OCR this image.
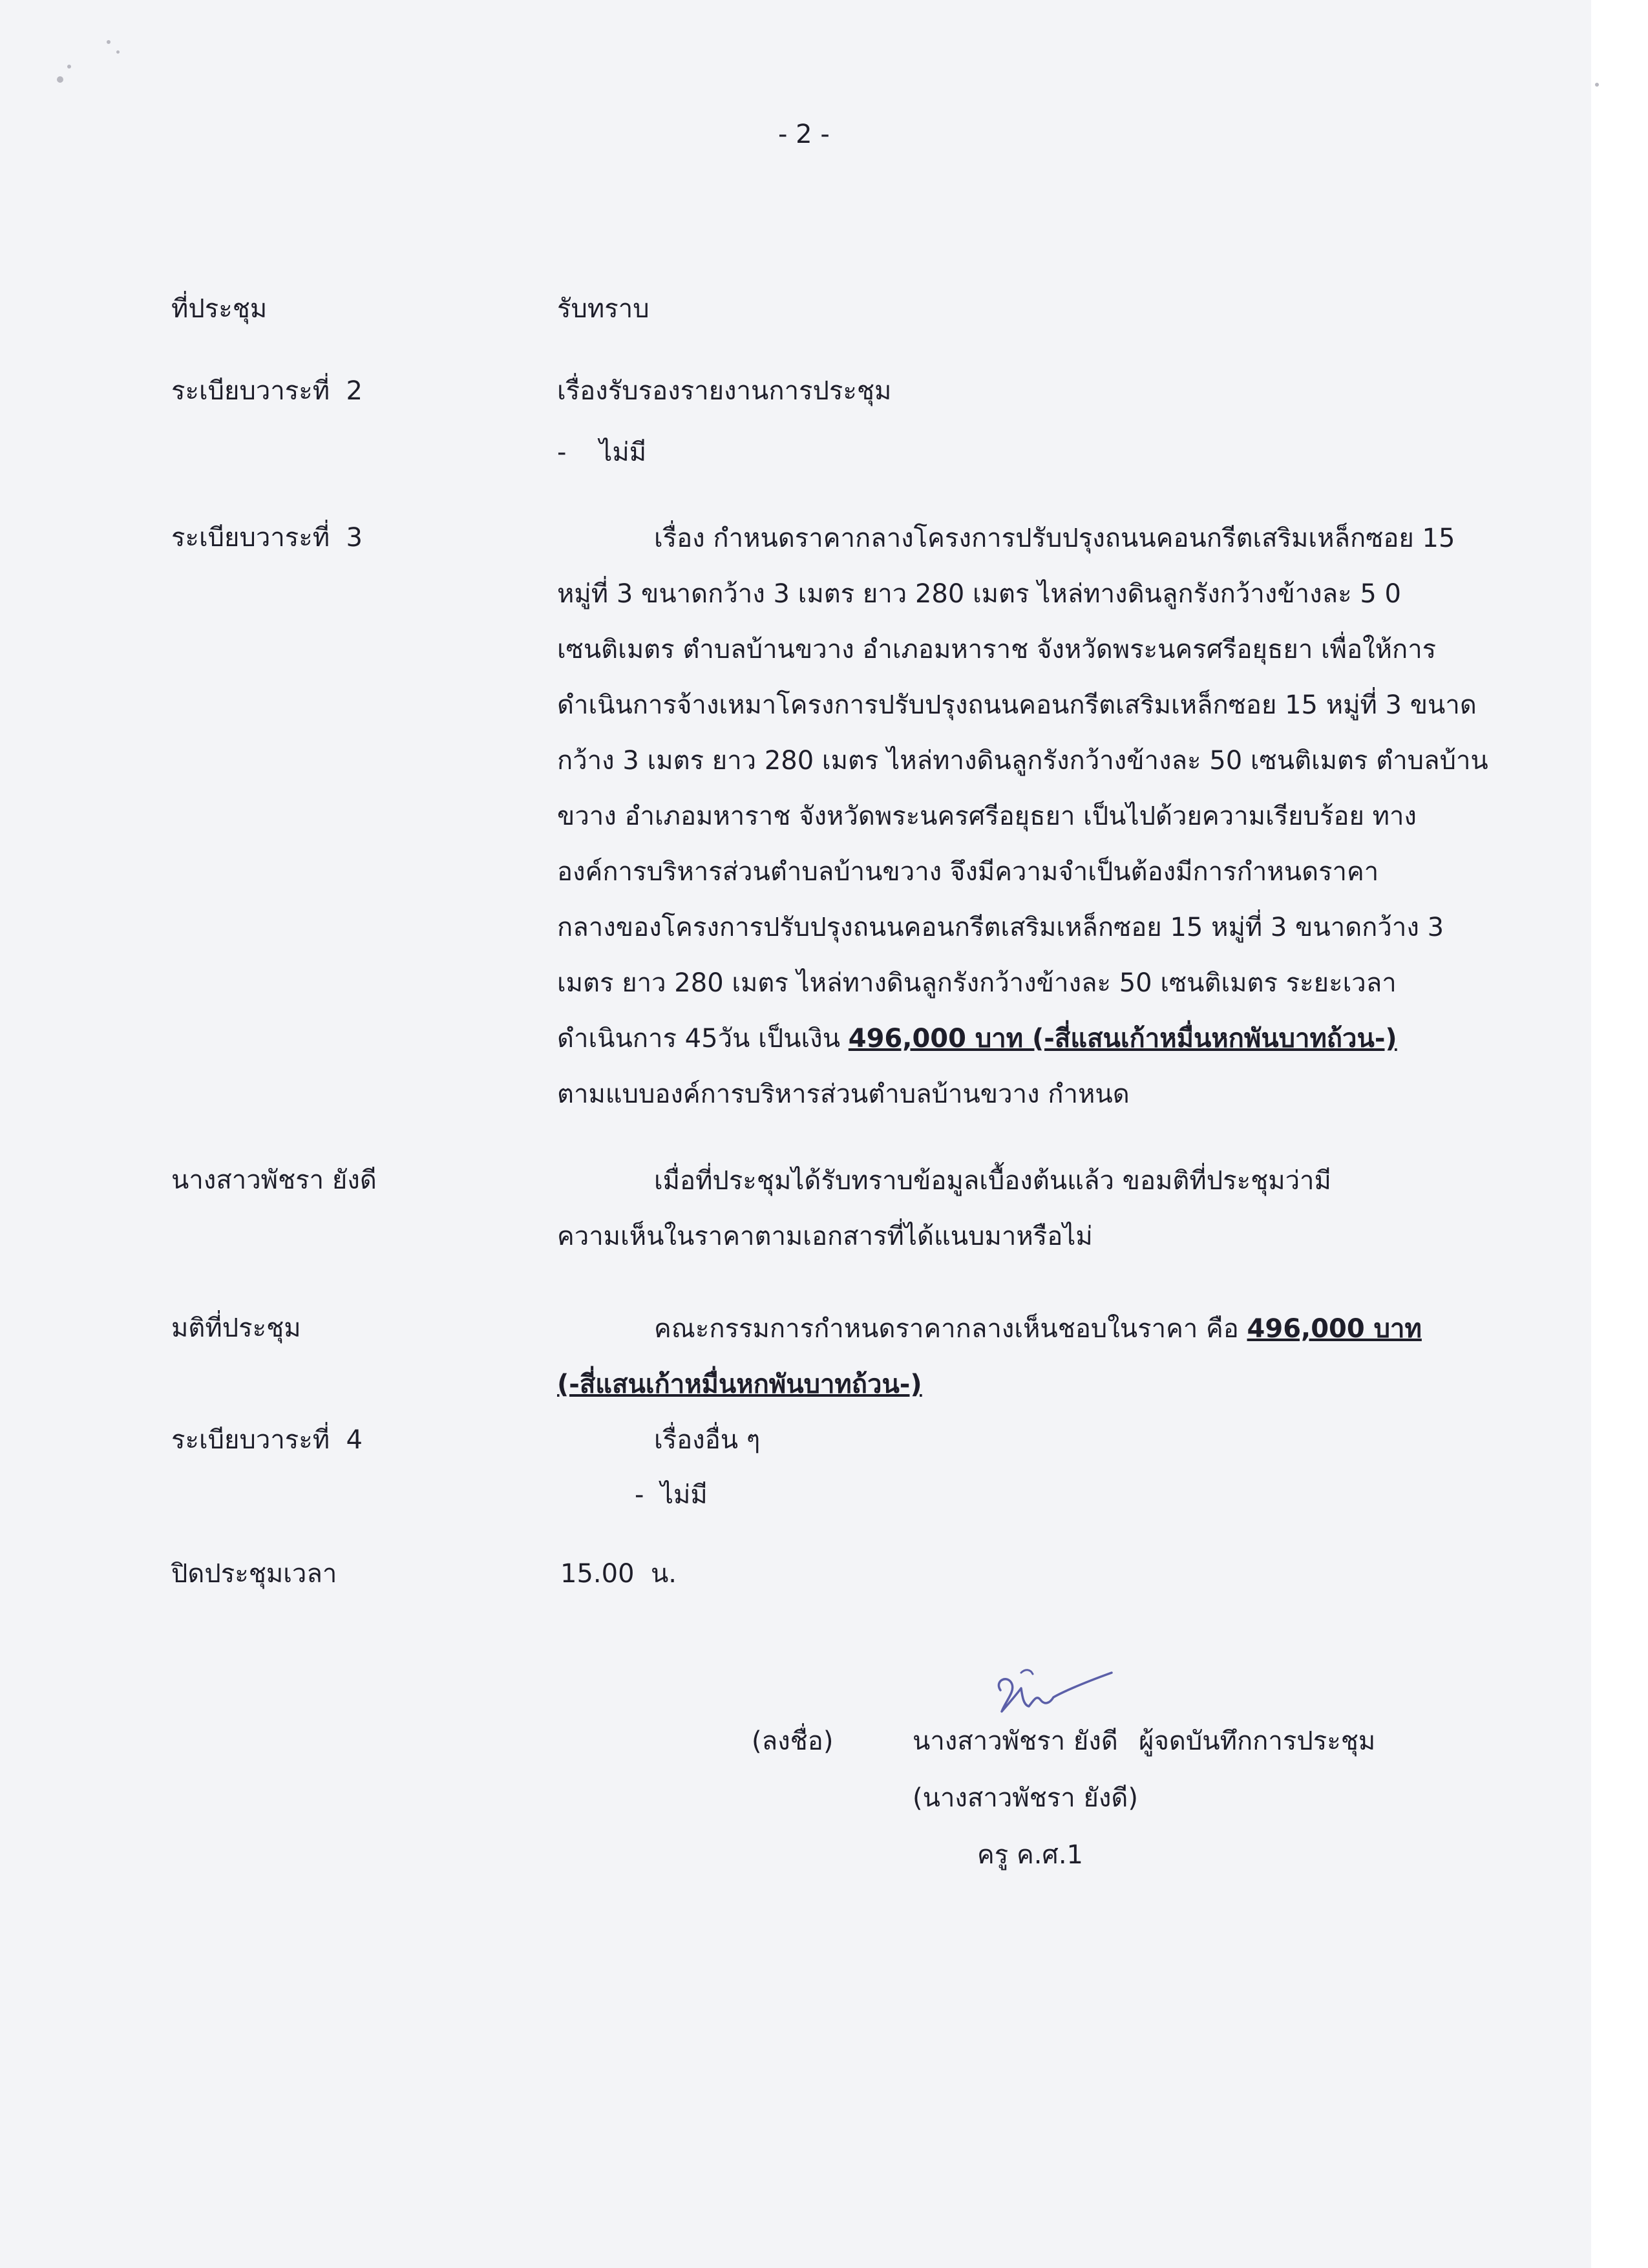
- 2 -
ที่ประชุม	รับทราบ
ระเบียบวาระที่  2	เรื่องรับรองรายงานการประชุม
-    ไม่มี
ระเบียบวาระที่  3	เรื่อง กำหนดราคากลางโครงการปรับปรุงถนนคอนกรีตเสริมเหล็กซอย 15
หมู่ที่ 3 ขนาดกว้าง 3 เมตร ยาว 280 เมตร ไหล่ทางดินลูกรังกว้างข้างละ 5 0
เซนติเมตร ตำบลบ้านขวาง อำเภอมหาราช จังหวัดพระนครศรีอยุธยา เพื่อให้การ
ดำเนินการจ้างเหมาโครงการปรับปรุงถนนคอนกรีตเสริมเหล็กซอย 15 หมู่ที่ 3 ขนาด
กว้าง 3 เมตร ยาว 280 เมตร ไหล่ทางดินลูกรังกว้างข้างละ 50 เซนติเมตร ตำบลบ้าน
ขวาง อำเภอมหาราช จังหวัดพระนครศรีอยุธยา เป็นไปด้วยความเรียบร้อย ทาง
องค์การบริหารส่วนตำบลบ้านขวาง จึงมีความจำเป็นต้องมีการกำหนดราคา
กลางของโครงการปรับปรุงถนนคอนกรีตเสริมเหล็กซอย 15 หมู่ที่ 3 ขนาดกว้าง 3
เมตร ยาว 280 เมตร ไหล่ทางดินลูกรังกว้างข้างละ 50 เซนติเมตร ระยะเวลา
ดำเนินการ 45วัน เป็นเงิน 496,000 บาท (-สี่แสนเก้าหมื่นหกพันบาทถ้วน-)
ตามแบบองค์การบริหารส่วนตำบลบ้านขวาง กำหนด
นางสาวพัชรา ยังดี	เมื่อที่ประชุมได้รับทราบข้อมูลเบื้องต้นแล้ว ขอมติที่ประชุมว่ามี
ความเห็นในราคาตามเอกสารที่ได้แนบมาหรือไม่
มติที่ประชุม	คณะกรรมการกำหนดราคากลางเห็นชอบในราคา คือ 496,000 บาท
(-สี่แสนเก้าหมื่นหกพันบาทถ้วน-)
ระเบียบวาระที่  4	เรื่องอื่น ๆ
-  ไม่มี
ปิดประชุมเวลา	15.00  น.
(ลงชื่อ)	นางสาวพัชรา ยังดี ผู้จดบันทึกการประชุม
(นางสาวพัชรา ยังดี)
ครู ค.ศ.1
